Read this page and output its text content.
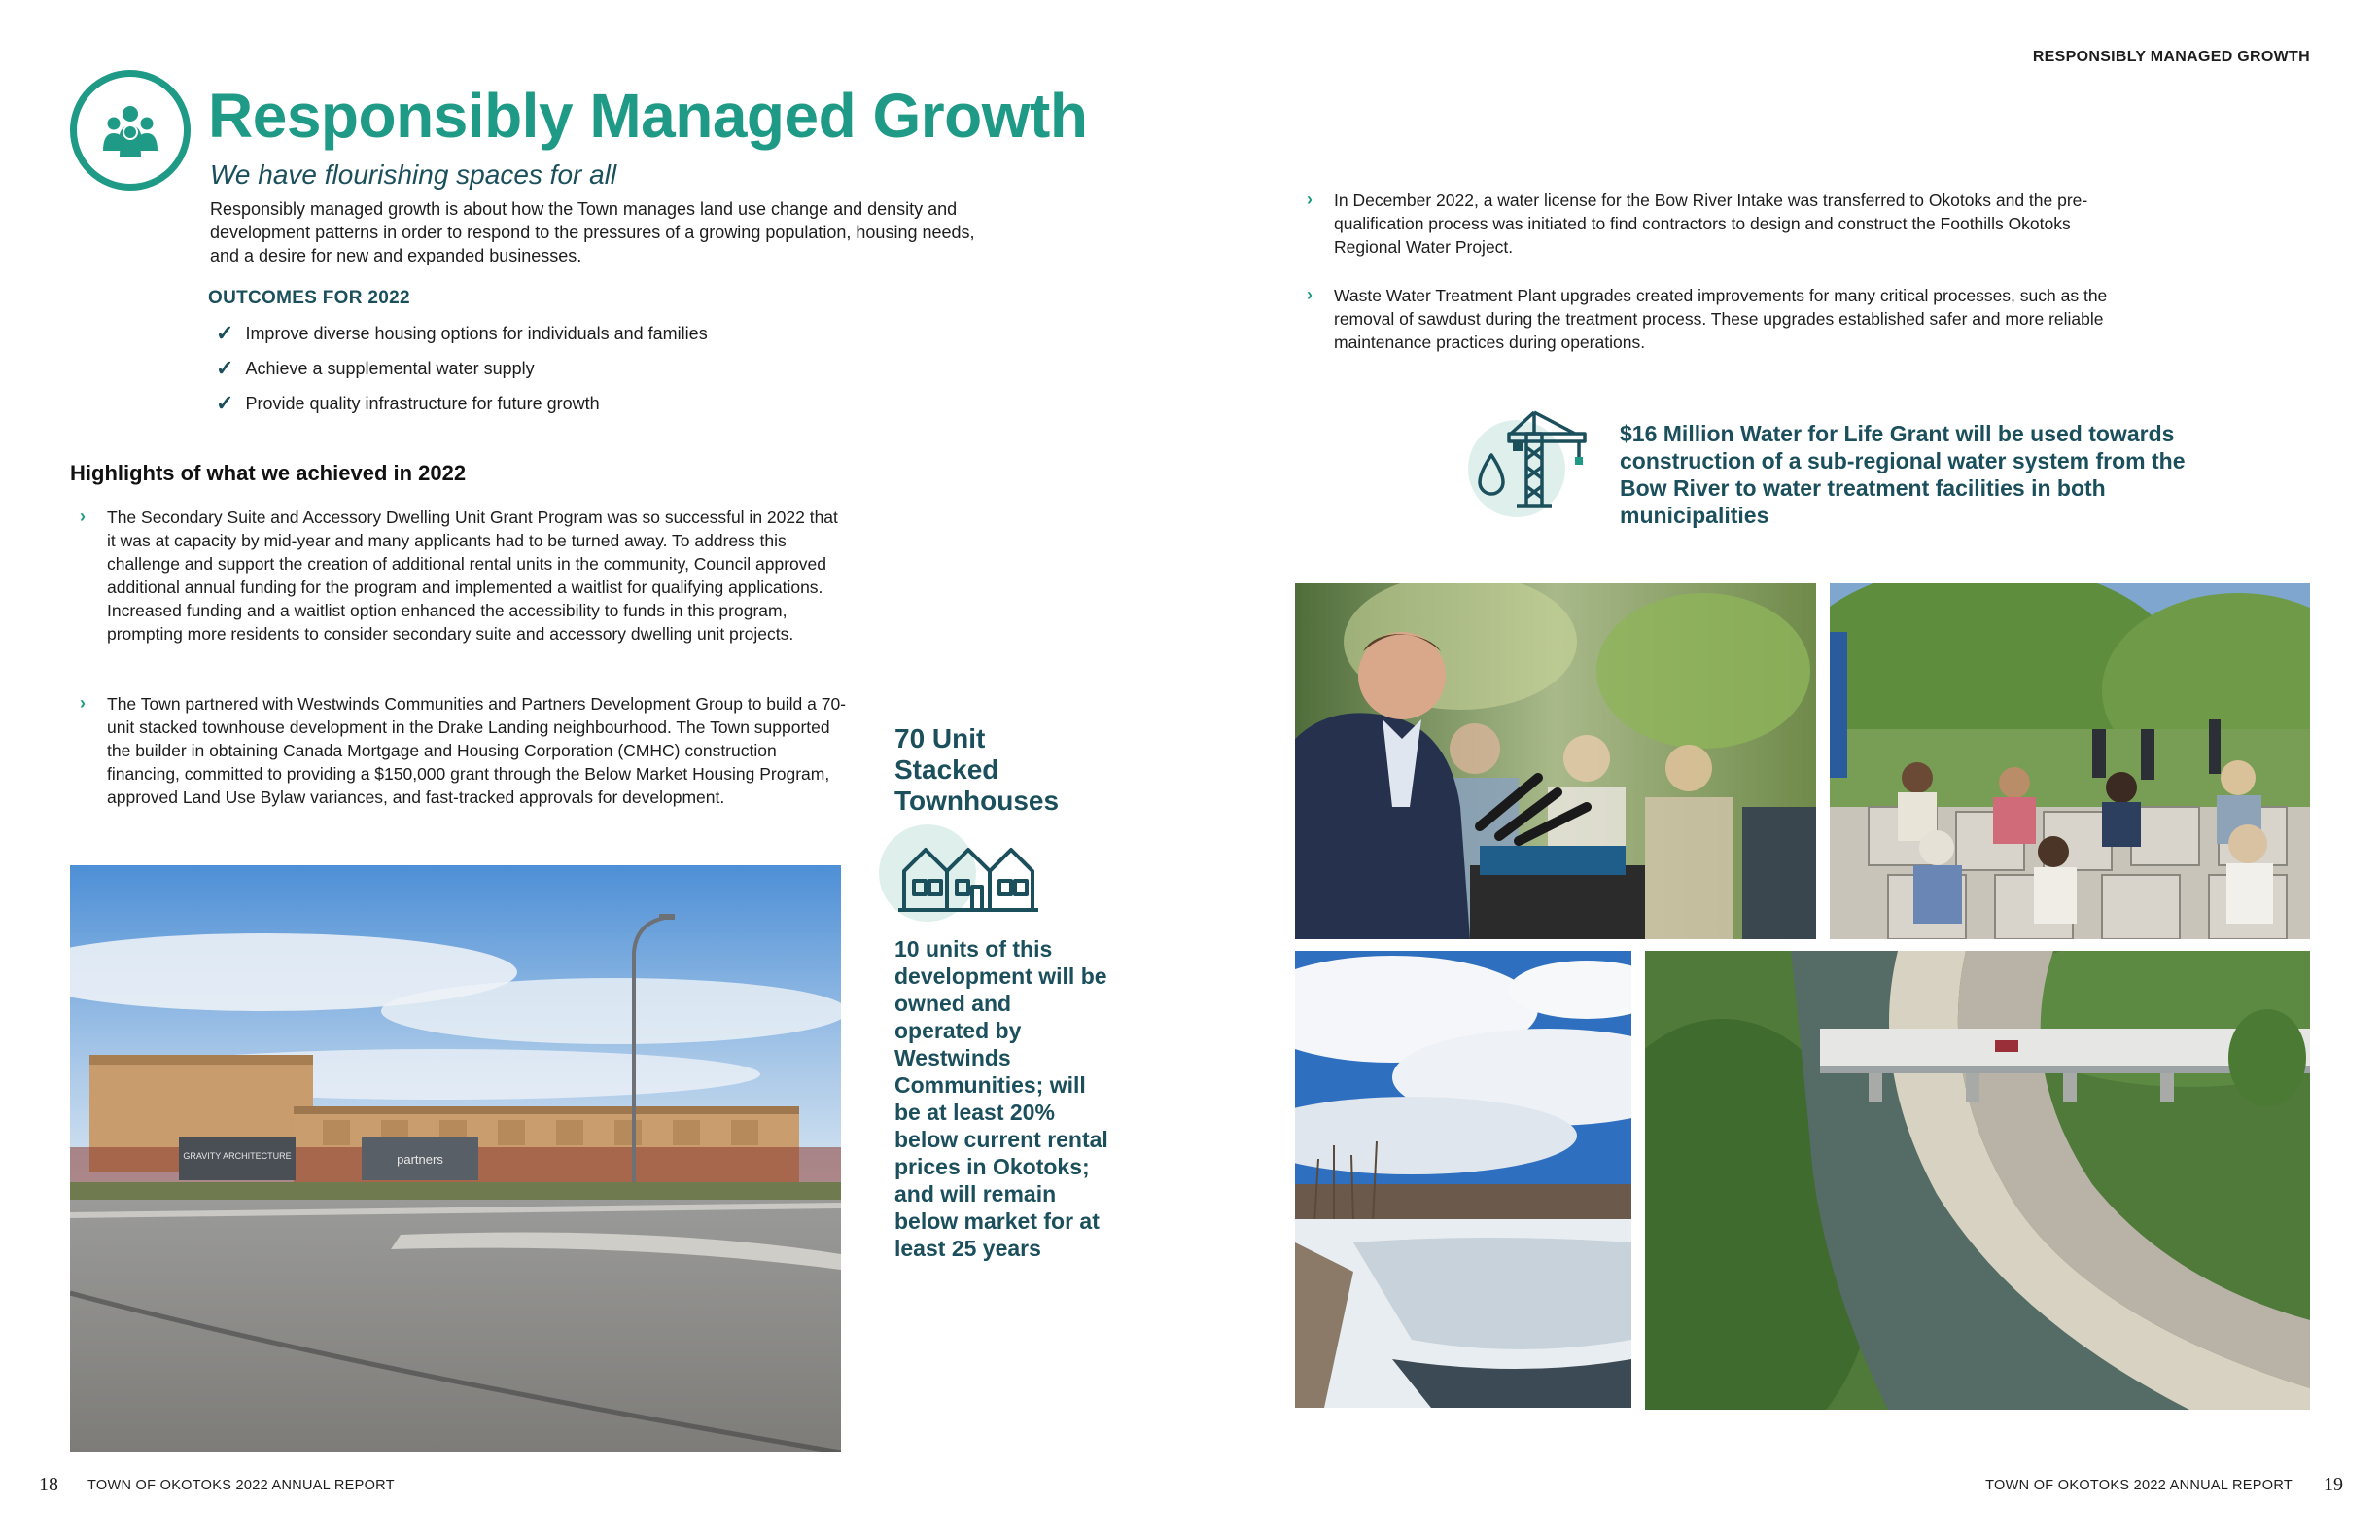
RESPONSIBLY MANAGED GROWTH
Responsibly Managed Growth
We have flourishing spaces for all

Responsibly managed growth is about how the Town manages land use change and density and development patterns in order to respond to the pressures of a growing population, housing needs, and a desire for new and expanded businesses.

OUTCOMES FOR 2022
✓ Improve diverse housing options for individuals and families
✓ Achieve a supplemental water supply
✓ Provide quality infrastructure for future growth
Highlights of what we achieved in 2022
› The Secondary Suite and Accessory Dwelling Unit Grant Program was so successful in 2022 that it was at capacity by mid-year and many applicants had to be turned away. To address this challenge and support the creation of additional rental units in the community, Council approved additional annual funding for the program and implemented a waitlist for qualifying applications. Increased funding and a waitlist option enhanced the accessibility to funds in this program, prompting more residents to consider secondary suite and accessory dwelling unit projects.

› The Town partnered with Westwinds Communities and Partners Development Group to build a 70-unit stacked townhouse development in the Drake Landing neighbourhood. The Town supported the builder in obtaining Canada Mortgage and Housing Corporation (CMHC) construction financing, committed to providing a $150,000 grant through the Below Market Housing Program, approved Land Use Bylaw variances, and fast-tracked approvals for development.

› In December 2022, a water license for the Bow River Intake was transferred to Okotoks and the pre-qualification process was initiated to find contractors to design and construct the Foothills Okotoks Regional Water Project.

› Waste Water Treatment Plant upgrades created improvements for many critical processes, such as the removal of sawdust during the treatment process. These upgrades established safer and more reliable maintenance practices during operations.

GRAVITY ARCHITECTURE	partners
70 Unit Stacked Townhouses
10 units of this development will be owned and operated by Westwinds Communities; will be at least 20% below current rental prices in Okotoks; and will remain below market for at least 25 years
$16 Million Water for Life Grant will be used towards construction of a sub-regional water system from the Bow River to water treatment facilities in both municipalities
18 TOWN OF OKOTOKS 2022 ANNUAL REPORT	TOWN OF OKOTOKS 2022 ANNUAL REPORT 19
